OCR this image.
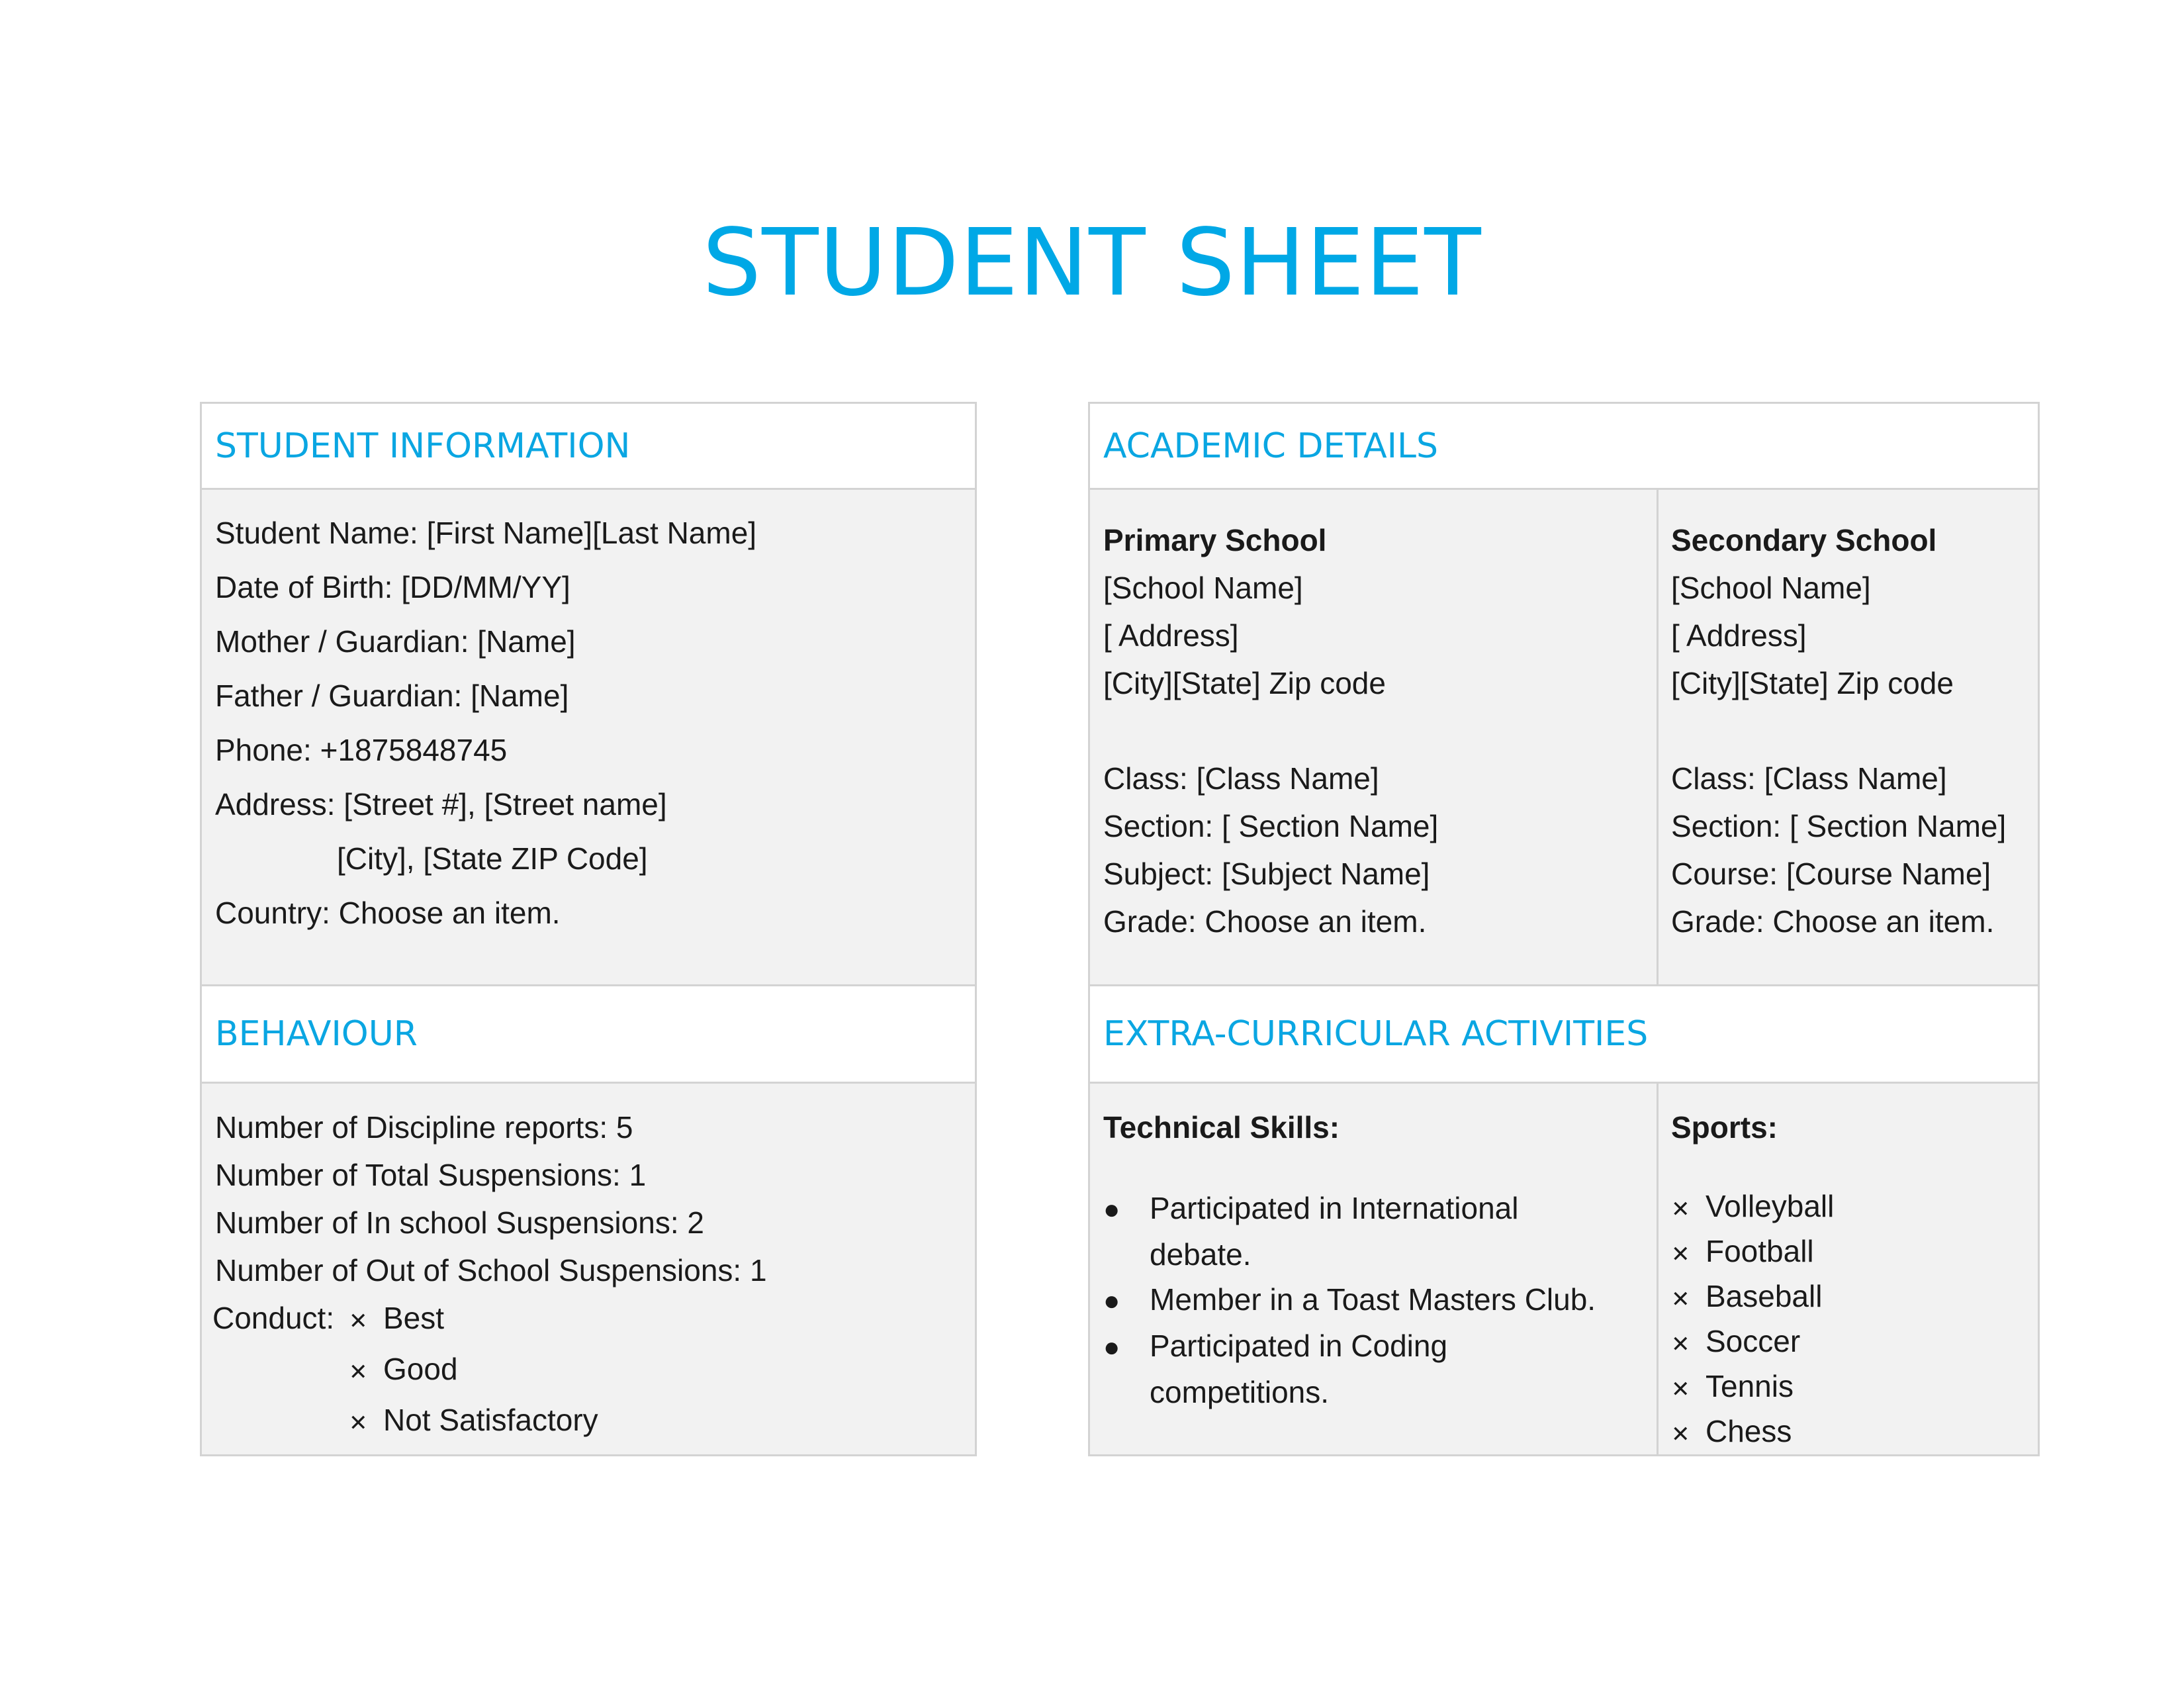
STUDENT SHEET
STUDENT INFORMATION
Student Name: [First Name][Last Name]
Date of Birth: [DD/MM/YY]
Mother / Guardian: [Name]
Father / Guardian: [Name]
Phone: +1875848745
Address: [Street #], [Street name]
[City], [State ZIP Code]
Country: Choose an item.
BEHAVIOUR
Number of Discipline reports: 5
Number of Total Suspensions: 1
Number of In school Suspensions: 2
Number of Out of School Suspensions: 1
Conduct: ✕ Best
✕ Good
✕ Not Satisfactory
ACADEMIC DETAILS
Primary School
[School Name]
[ Address]
[City][State] Zip code
Class: [Class Name]
Section: [ Section Name]
Subject: [Subject Name]
Grade: Choose an item.
Secondary School
[School Name]
[ Address]
[City][State] Zip code
Class: [Class Name]
Section: [ Section Name]
Course: [Course Name]
Grade: Choose an item.
EXTRA-CURRICULAR ACTIVITIES
Technical Skills:
● Participated in International
debate.
● Member in a Toast Masters Club.
● Participated in Coding
competitions.
Sports:
✕ Volleyball
✕ Football
✕ Baseball
✕ Soccer
✕ Tennis
✕ Chess
